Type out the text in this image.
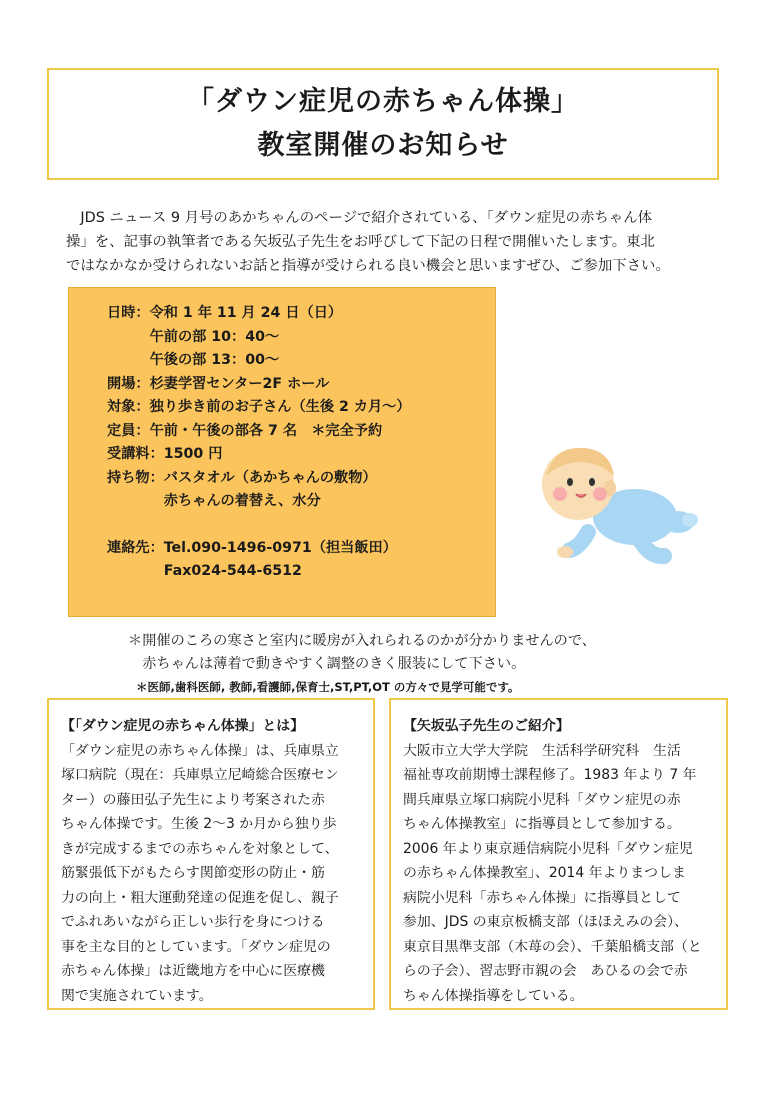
「ダウン症児の赤ちゃん体操」
教室開催のお知らせ
　JDS ニュース 9 月号のあかちゃんのページで紹介されている、「ダウン症児の赤ちゃん体
操」を、記事の執筆者である矢坂弘子先生をお呼びして下記の日程で開催いたします。東北
ではなかなか受けられないお話と指導が受けられる良い機会と思いますぜひ、ご参加下さい。
日時： 令和 1 年 11 月 24 日（日）
午前の部 10：40～
午後の部 13：00～
開場： 杉妻学習センター2F ホール
対象： 独り歩き前のお子さん（生後 2 カ月～）
定員： 午前・午後の部各 7 名　＊完全予約
受講料： 1500 円
持ち物： バスタオル（あかちゃんの敷物）
赤ちゃんの着替え、水分
連絡先： Tel.090-1496-0971（担当飯田）
Fax024-544-6512
＊開催のころの寒さと室内に暖房が入れられるのかが分かりませんので、
　赤ちゃんは薄着で動きやすく調整のきく服装にして下さい。
＊医師,歯科医師, 教師,看護師,保育士,ST,PT,OT の方々で見学可能です。
【「ダウン症児の赤ちゃん体操」とは】
「ダウン症児の赤ちゃん体操」は、兵庫県立
塚口病院（現在：兵庫県立尼崎総合医療セン
ター）の藤田弘子先生により考案された赤
ちゃん体操です。生後 2～3 か月から独り歩
きが完成するまでの赤ちゃんを対象として、
筋緊張低下がもたらす関節変形の防止・筋
力の向上・粗大運動発達の促進を促し、親子
でふれあいながら正しい歩行を身につける
事を主な目的としています。「ダウン症児の
赤ちゃん体操」は近畿地方を中心に医療機
関で実施されています。
【矢坂弘子先生のご紹介】
大阪市立大学大学院　生活科学研究科　生活
福祉専攻前期博士課程修了。1983 年より 7 年
間兵庫県立塚口病院小児科「ダウン症児の赤
ちゃん体操教室」に指導員として参加する。
2006 年より東京逓信病院小児科「ダウン症児
の赤ちゃん体操教室」、2014 年よりまつしま
病院小児科「赤ちゃん体操」に指導員として
参加、JDS の東京板橋支部（ほほえみの会）、
東京目黒準支部（木苺の会）、千葉船橋支部（と
らの子会）、習志野市親の会　あひるの会で赤
ちゃん体操指導をしている。
